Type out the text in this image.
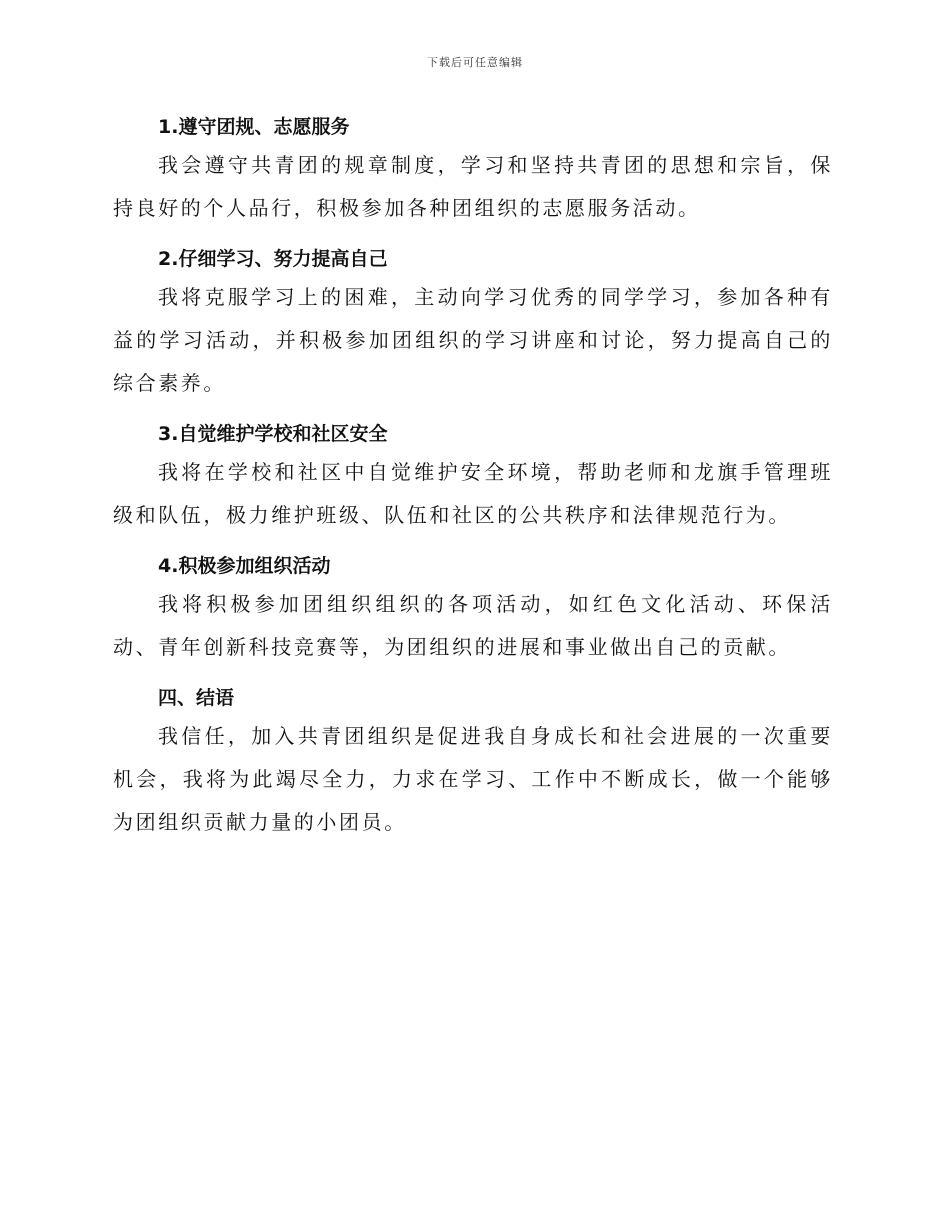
下载后可任意编辑
1.遵守团规、志愿服务

我会遵守共青团的规章制度，学习和坚持共青团的思想和宗旨，保持良好的个人品行，积极参加各种团组织的志愿服务活动。

2.仔细学习、努力提高自己

我将克服学习上的困难，主动向学习优秀的同学学习，参加各种有益的学习活动，并积极参加团组织的学习讲座和讨论，努力提高自己的综合素养。

3.自觉维护学校和社区安全

我将在学校和社区中自觉维护安全环境，帮助老师和龙旗手管理班级和队伍，极力维护班级、队伍和社区的公共秩序和法律规范行为。

4.积极参加组织活动

我将积极参加团组织组织的各项活动，如红色文化活动、环保活动、青年创新科技竞赛等，为团组织的进展和事业做出自己的贡献。

四、结语

我信任，加入共青团组织是促进我自身成长和社会进展的一次重要机会，我将为此竭尽全力，力求在学习、工作中不断成长，做一个能够为团组织贡献力量的小团员。
